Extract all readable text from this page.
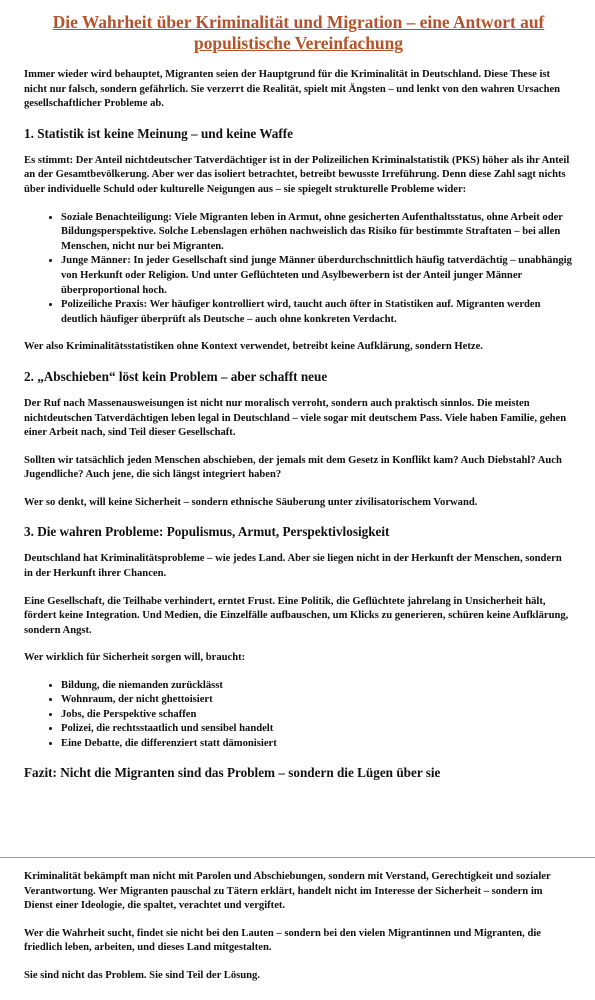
Die Wahrheit über Kriminalität und Migration – eine Antwort auf populistische Vereinfachung

Immer wieder wird behauptet, Migranten seien der Hauptgrund für die Kriminalität in Deutschland. Diese These ist nicht nur falsch, sondern gefährlich. Sie verzerrt die Realität, spielt mit Ängsten – und lenkt von den wahren Ursachen gesellschaftlicher Probleme ab.

1. Statistik ist keine Meinung – und keine Waffe

Es stimmt: Der Anteil nichtdeutscher Tatverdächtiger ist in der Polizeilichen Kriminalstatistik (PKS) höher als ihr Anteil an der Gesamtbevölkerung. Aber wer das isoliert betrachtet, betreibt bewusste Irreführung. Denn diese Zahl sagt nichts über individuelle Schuld oder kulturelle Neigungen aus – sie spiegelt strukturelle Probleme wider:

• Soziale Benachteiligung: Viele Migranten leben in Armut, ohne gesicherten Aufenthaltsstatus, ohne Arbeit oder Bildungsperspektive. Solche Lebenslagen erhöhen nachweislich das Risiko für bestimmte Straftaten – bei allen Menschen, nicht nur bei Migranten.
• Junge Männer: In jeder Gesellschaft sind junge Männer überdurchschnittlich häufig tatverdächtig – unabhängig von Herkunft oder Religion. Und unter Geflüchteten und Asylbewerbern ist der Anteil junger Männer überproportional hoch.
• Polizeiliche Praxis: Wer häufiger kontrolliert wird, taucht auch öfter in Statistiken auf. Migranten werden deutlich häufiger überprüft als Deutsche – auch ohne konkreten Verdacht.

Wer also Kriminalitätsstatistiken ohne Kontext verwendet, betreibt keine Aufklärung, sondern Hetze.

2. „Abschieben“ löst kein Problem – aber schafft neue

Der Ruf nach Massenausweisungen ist nicht nur moralisch verroht, sondern auch praktisch sinnlos. Die meisten nichtdeutschen Tatverdächtigen leben legal in Deutschland – viele sogar mit deutschem Pass. Viele haben Familie, gehen einer Arbeit nach, sind Teil dieser Gesellschaft.

Sollten wir tatsächlich jeden Menschen abschieben, der jemals mit dem Gesetz in Konflikt kam? Auch Diebstahl? Auch Jugendliche? Auch jene, die sich längst integriert haben?

Wer so denkt, will keine Sicherheit – sondern ethnische Säuberung unter zivilisatorischem Vorwand.

3. Die wahren Probleme: Populismus, Armut, Perspektivlosigkeit

Deutschland hat Kriminalitätsprobleme – wie jedes Land. Aber sie liegen nicht in der Herkunft der Menschen, sondern in der Herkunft ihrer Chancen.

Eine Gesellschaft, die Teilhabe verhindert, erntet Frust. Eine Politik, die Geflüchtete jahrelang in Unsicherheit hält, fördert keine Integration. Und Medien, die Einzelfälle aufbauschen, um Klicks zu generieren, schüren keine Aufklärung, sondern Angst.

Wer wirklich für Sicherheit sorgen will, braucht:

• Bildung, die niemanden zurücklässt
• Wohnraum, der nicht ghettoisiert
• Jobs, die Perspektive schaffen
• Polizei, die rechtsstaatlich und sensibel handelt
• Eine Debatte, die differenziert statt dämonisiert
Fazit: Nicht die Migranten sind das Problem – sondern die Lügen über sie

Kriminalität bekämpft man nicht mit Parolen und Abschiebungen, sondern mit Verstand, Gerechtigkeit und sozialer Verantwortung. Wer Migranten pauschal zu Tätern erklärt, handelt nicht im Interesse der Sicherheit – sondern im Dienst einer Ideologie, die spaltet, verachtet und vergiftet.

Wer die Wahrheit sucht, findet sie nicht bei den Lauten – sondern bei den vielen Migrantinnen und Migranten, die friedlich leben, arbeiten, und dieses Land mitgestalten.

Sie sind nicht das Problem. Sie sind Teil der Lösung.
